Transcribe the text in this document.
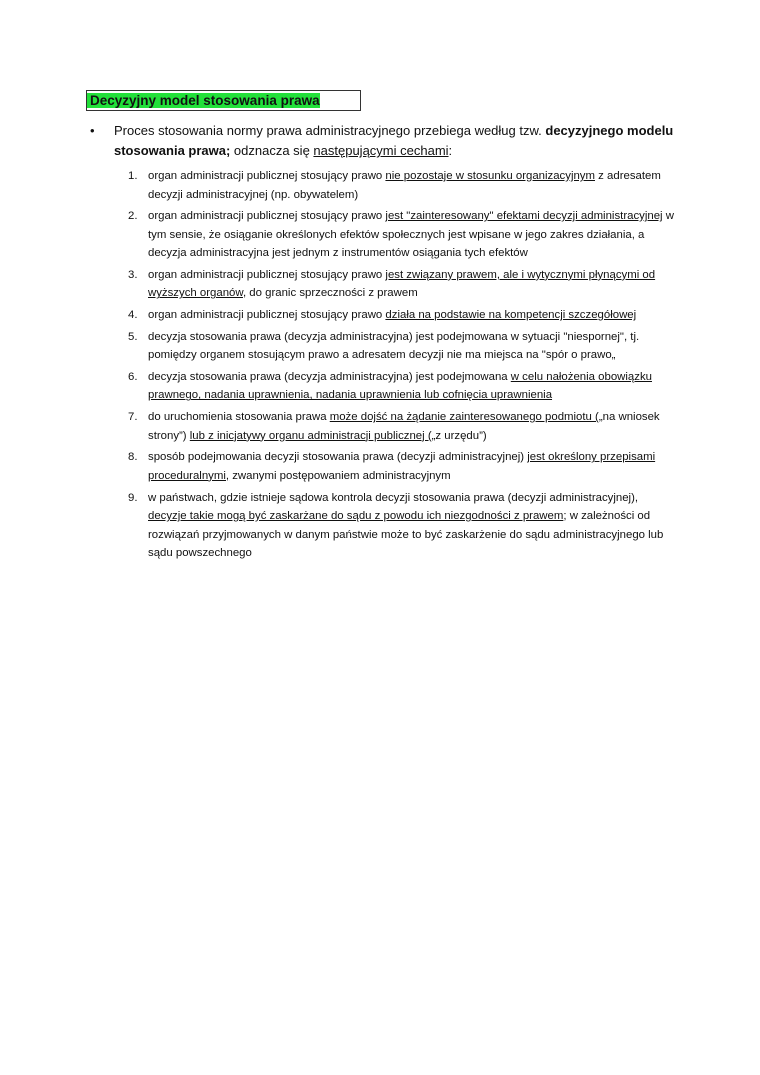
Decyzyjny model stosowania prawa
• Proces stosowania normy prawa administracyjnego przebiega według tzw. decyzyjnego modelu stosowania prawa; odznacza się następującymi cechami:
1. organ administracji publicznej stosujący prawo nie pozostaje w stosunku organizacyjnym z adresatem decyzji administracyjnej (np. obywatelem)
2. organ administracji publicznej stosujący prawo jest "zainteresowany" efektami decyzji administracyjnej w tym sensie, że osiąganie określonych efektów społecznych jest wpisane w jego zakres działania, a decyzja administracyjna jest jednym z instrumentów osiągania tych efektów
3. organ administracji publicznej stosujący prawo jest związany prawem, ale i wytycznymi płynącymi od wyższych organów, do granic sprzeczności z prawem
4. organ administracji publicznej stosujący prawo działa na podstawie na kompetencji szczegółowej
5. decyzja stosowania prawa (decyzja administracyjna) jest podejmowana w sytuacji "niespornej", tj. pomiędzy organem stosującym prawo a adresatem decyzji nie ma miejsca na "spór o prawo„
6. decyzja stosowania prawa (decyzja administracyjna) jest podejmowana w celu nałożenia obowiązku prawnego, nadania uprawnienia, nadania uprawnienia lub cofnięcia uprawnienia
7. do uruchomienia stosowania prawa może dojść na żądanie zainteresowanego podmiotu („na wniosek strony”) lub z inicjatywy organu administracji publicznej („z urzędu”)
8. sposób podejmowania decyzji stosowania prawa (decyzji administracyjnej) jest określony przepisami proceduralnymi, zwanymi postępowaniem administracyjnym
9. w państwach, gdzie istnieje sądowa kontrola decyzji stosowania prawa (decyzji administracyjnej), decyzje takie mogą być zaskarżane do sądu z powodu ich niezgodności z prawem; w zależności od rozwiązań przyjmowanych w danym państwie może to być zaskarżenie do sądu administracyjnego lub sądu powszechnego
